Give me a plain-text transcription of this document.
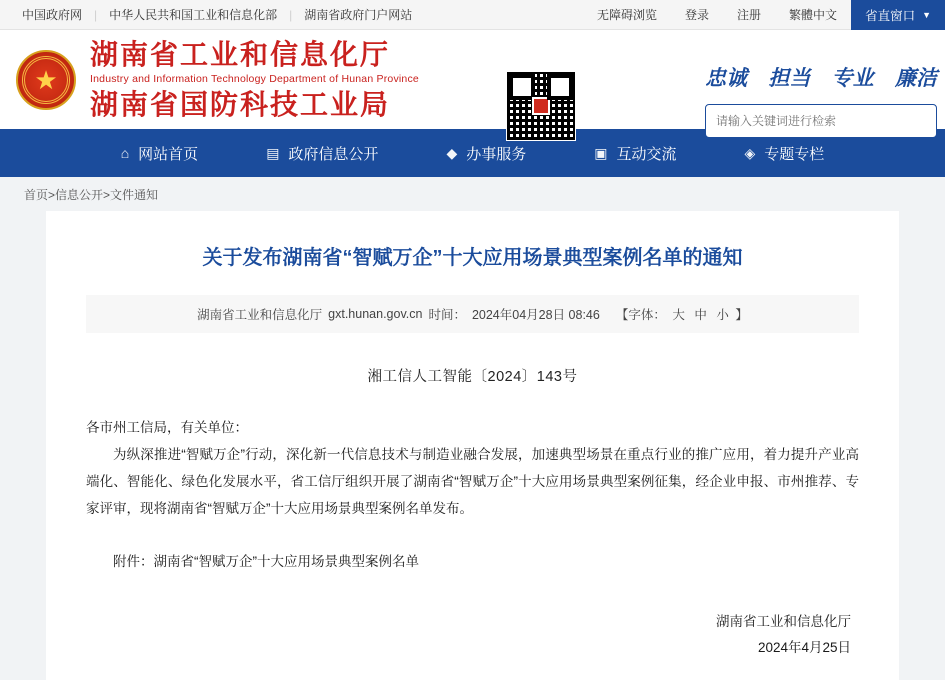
中国政府网	|	中华人民共和国工业和信息化部	|	湖南省政府门户网站	无障碍浏览	登录	注册	繁體中文	省直窗口 ▼
★
湖南省工业和信息化厅
Industry and Information Technology Department of Hunan Province
湖南省国防科技工业局
忠诚 担当 专业 廉洁
请输入关键词进行检索
⌂ 网站首页	▤ 政府信息公开	◆ 办事服务	▣ 互动交流	◈ 专题专栏
首页>信息公开>文件通知
关于发布湖南省“智赋万企”十大应用场景典型案例名单的通知
湖南省工业和信息化厅 gxt.hunan.gov.cn 时间： 2024年04月28日 08:46 【字体： 大 中 小 】
湘工信人工智能〔2024〕143号

各市州工信局，有关单位：

为纵深推进“智赋万企”行动，深化新一代信息技术与制造业融合发展，加速典型场景在重点行业的推广应用，着力提升产业高端化、智能化、绿色化发展水平，省工信厅组织开展了湖南省“智赋万企”十大应用场景典型案例征集，经企业申报、市州推荐、专家评审，现将湖南省“智赋万企”十大应用场景典型案例名单发布。

附件：湖南省“智赋万企”十大应用场景典型案例名单
湖南省工业和信息化厅
2024年4月25日
